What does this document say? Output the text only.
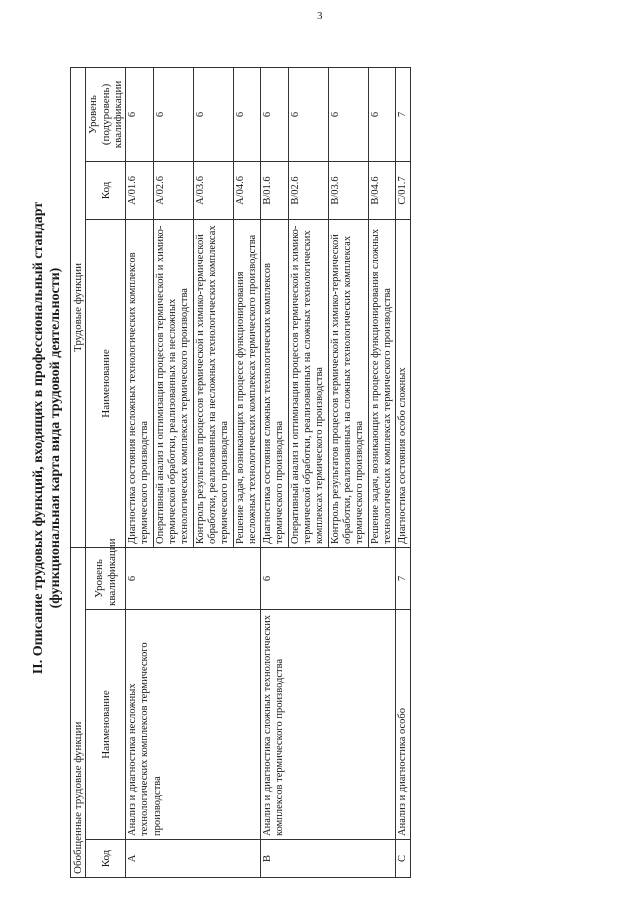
3
II. Описание трудовых функций, входящих в профессиональный стандарт (функциональная карта вида трудовой деятельности)
Обобщенные трудовые функции			Трудовые функции		
Код	Наименование	Уровень квалификации	Наименование	Код	Уровень (подуровень) квалификации
A	Анализ и диагностика несложных технологических комплексов термического производства	6	Диагностика состояния несложных технологических комплексов термического производства	A/01.6	6
			Оперативный анализ и оптимизация процессов термической и химико-термической обработки, реализованных на несложных технологических комплексах термического производства	A/02.6	6
			Контроль результатов процессов термической и химико-термической обработки, реализованных на несложных технологических комплексах термического производства	A/03.6	6
			Решение задач, возникающих в процессе функционирования несложных технологических комплексах термического производства	A/04.6	6
B	Анализ и диагностика сложных технологических комплексов термического производства	6	Диагностика состояния сложных технологических комплексов термического производства	B/01.6	6
			Оперативный анализ и оптимизация процессов термической и химико-термической обработки, реализованных на сложных технологических комплексах термического производства	B/02.6	6
			Контроль результатов процессов термической и химико-термической обработки, реализованных на сложных технологических комплексах термического производства	B/03.6	6
			Решение задач, возникающих в процессе функционирования сложных технологических комплексах термического производства	B/04.6	6
C	Анализ и диагностика особо	7	Диагностика состояния особо сложных	C/01.7	7
